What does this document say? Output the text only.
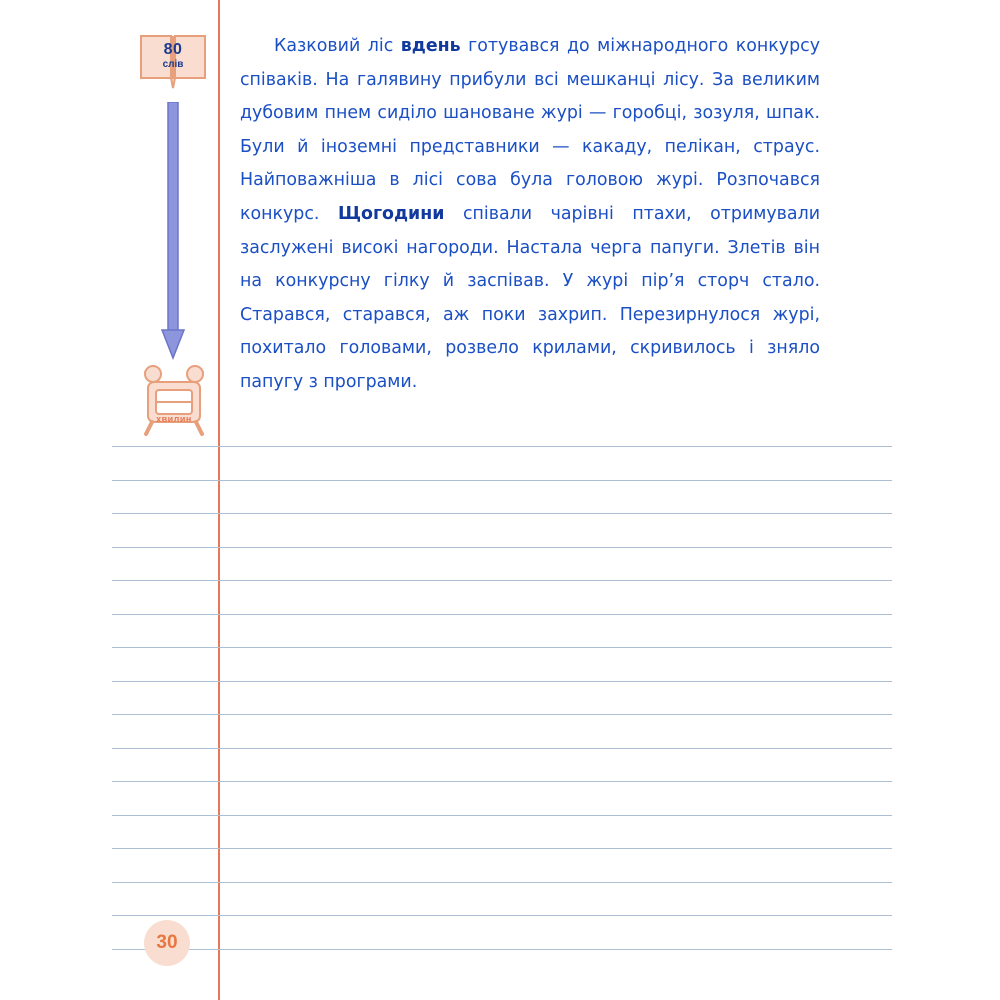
80
слів
хвилин
Казковий ліс вдень готувався до міжнародного конкурсу співаків. На галявину прибули всі мешканці лісу. За великим дубовим пнем сиділо шановане журі — горобці, зозуля, шпак. Були й іноземні представники — какаду, пелікан, страус. Найповажніша в лісі сова була головою журі. Розпочався конкурс. Щогодини співали чарівні птахи, отримували заслужені високі нагороди. Настала черга папуги. Злетів він на конкурсну гілку й заспівав. У журі пір’я сторч стало. Старався, старався, аж поки захрип. Перезирнулося журі, похитало головами, розвело крилами, скривилось і зняло папугу з програми.
30
